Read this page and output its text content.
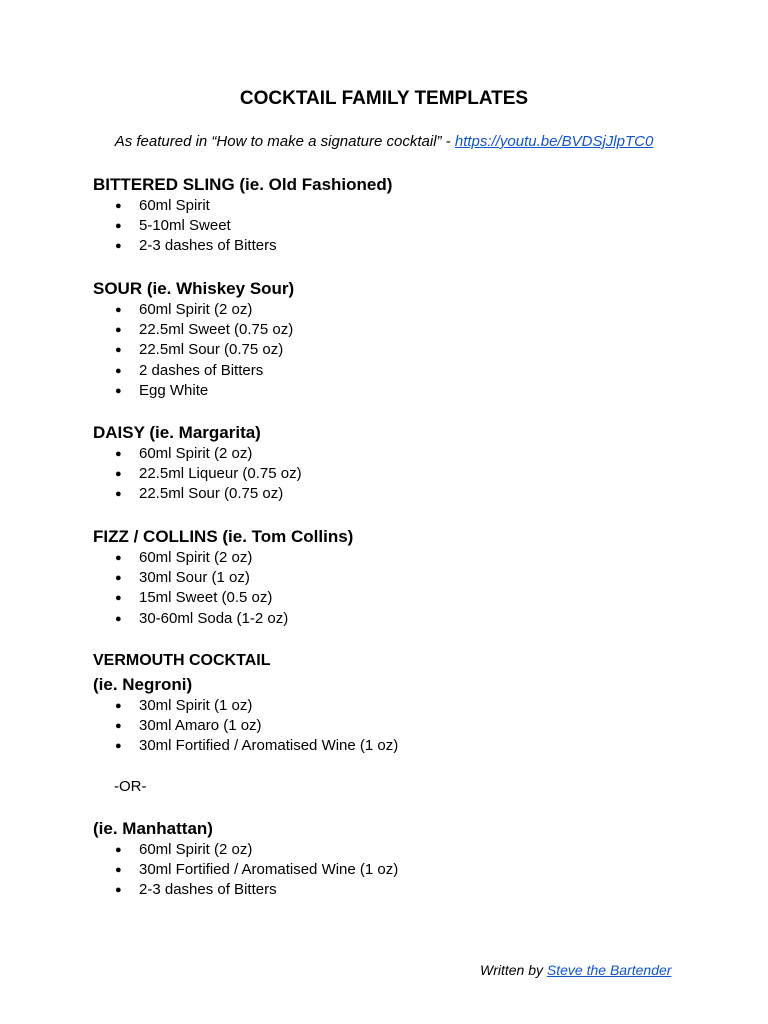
COCKTAIL FAMILY TEMPLATES
As featured in “How to make a signature cocktail” - https://youtu.be/BVDSjJlpTC0
BITTERED SLING (ie. Old Fashioned)
● 60ml Spirit
● 5-10ml Sweet
● 2-3 dashes of Bitters
SOUR (ie. Whiskey Sour)
● 60ml Spirit (2 oz)
● 22.5ml Sweet (0.75 oz)
● 22.5ml Sour (0.75 oz)
● 2 dashes of Bitters
● Egg White
DAISY (ie. Margarita)
● 60ml Spirit (2 oz)
● 22.5ml Liqueur (0.75 oz)
● 22.5ml Sour (0.75 oz)
FIZZ / COLLINS (ie. Tom Collins)
● 60ml Spirit (2 oz)
● 30ml Sour (1 oz)
● 15ml Sweet (0.5 oz)
● 30-60ml Soda (1-2 oz)
VERMOUTH COCKTAIL
(ie. Negroni)
● 30ml Spirit (1 oz)
● 30ml Amaro (1 oz)
● 30ml Fortified / Aromatised Wine (1 oz)
-OR-
(ie. Manhattan)
● 60ml Spirit (2 oz)
● 30ml Fortified / Aromatised Wine (1 oz)
● 2-3 dashes of Bitters
Written by Steve the Bartender
